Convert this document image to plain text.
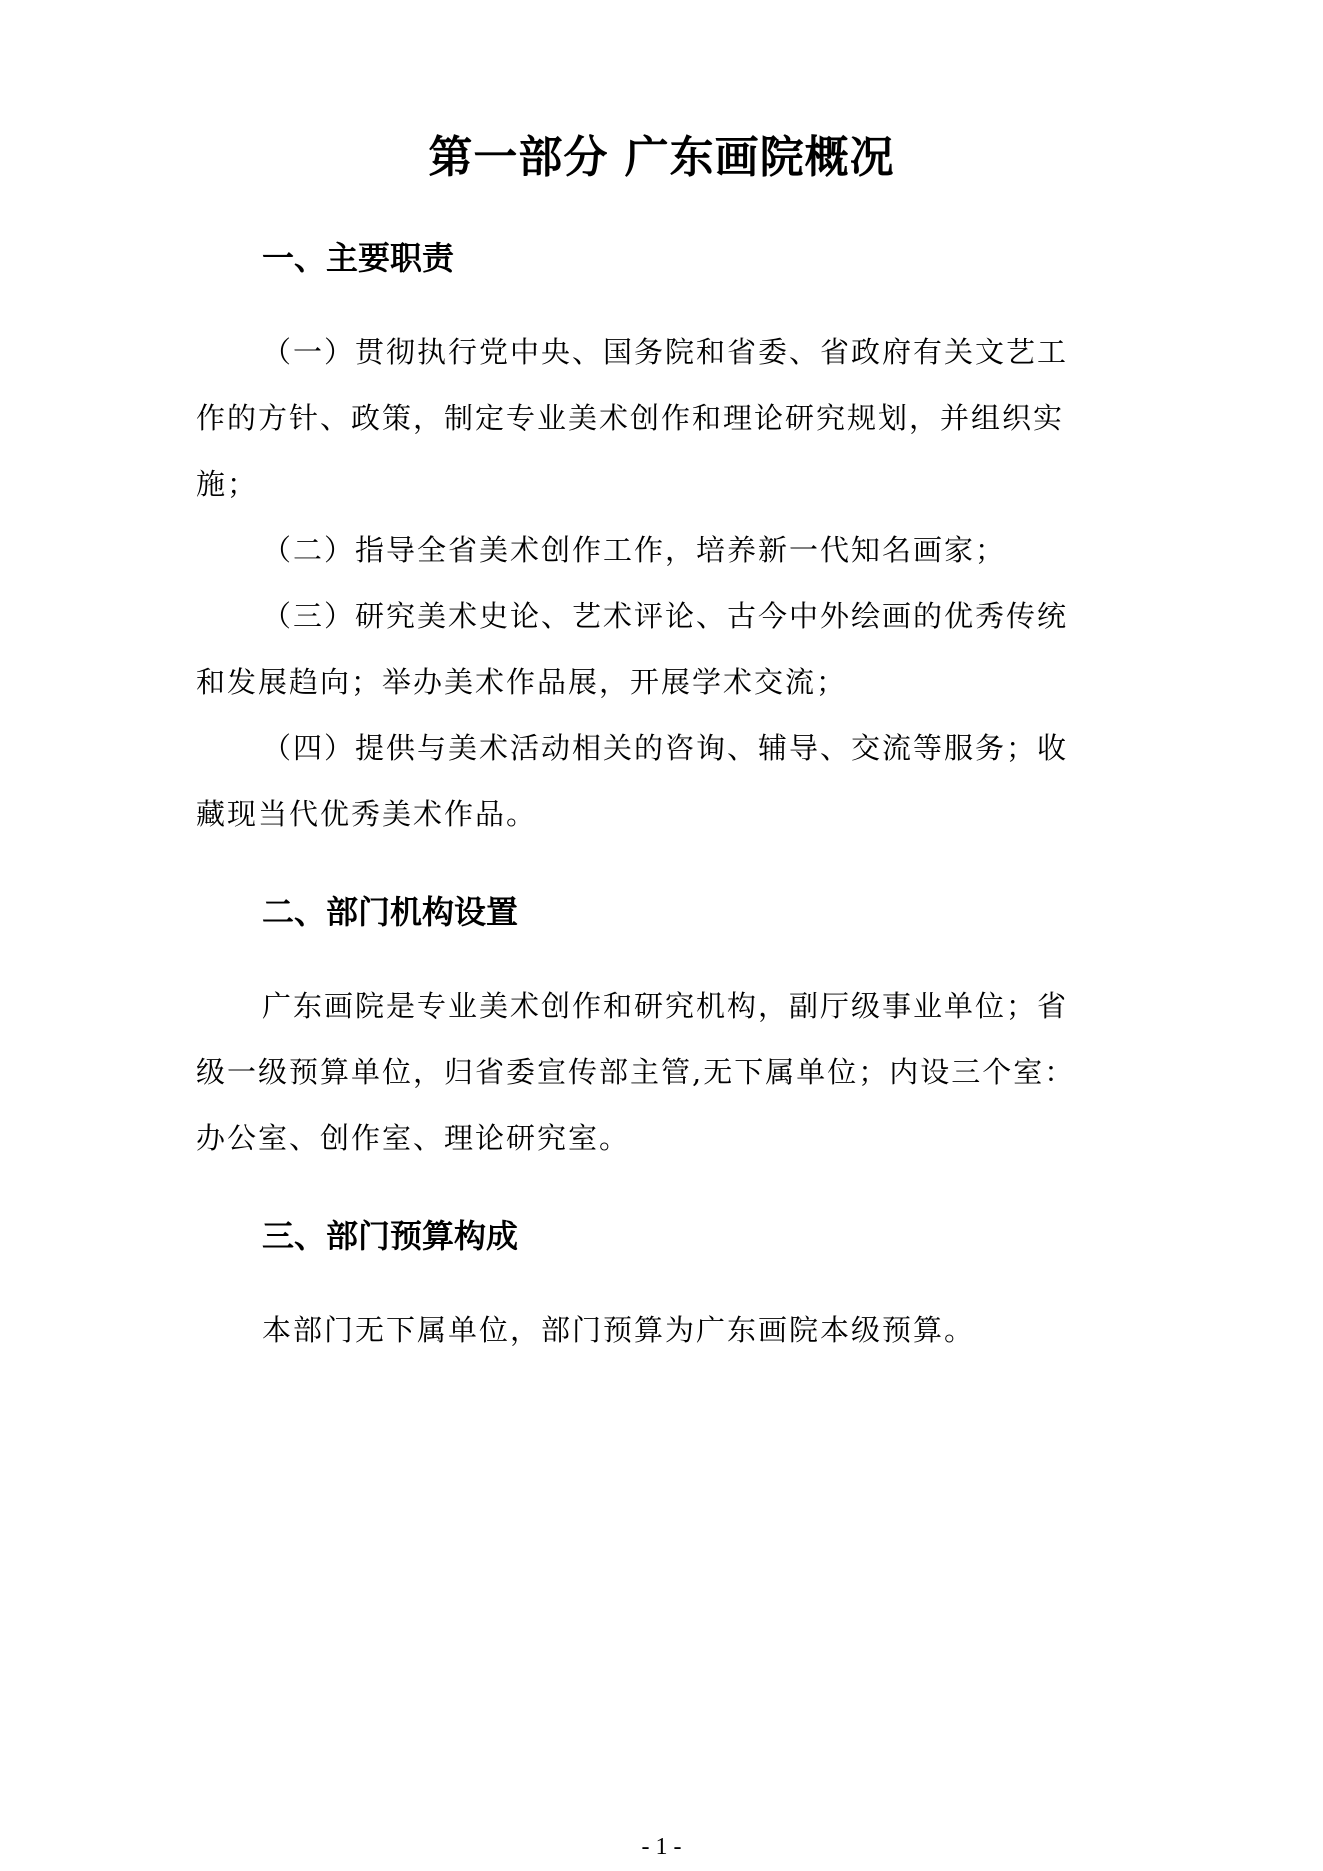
第一部分 广东画院概况
一、主要职责
（一）贯彻执行党中央、国务院和省委、省政府有关文艺工
作的方针、政策，制定专业美术创作和理论研究规划，并组织实
施；
（二）指导全省美术创作工作，培养新一代知名画家；
（三）研究美术史论、艺术评论、古今中外绘画的优秀传统
和发展趋向；举办美术作品展，开展学术交流；
（四）提供与美术活动相关的咨询、辅导、交流等服务；收
藏现当代优秀美术作品。
二、部门机构设置
广东画院是专业美术创作和研究机构，副厅级事业单位；省
级一级预算单位，归省委宣传部主管,无下属单位；内设三个室：
办公室、创作室、理论研究室。
三、部门预算构成
本部门无下属单位，部门预算为广东画院本级预算。
- 1 -
